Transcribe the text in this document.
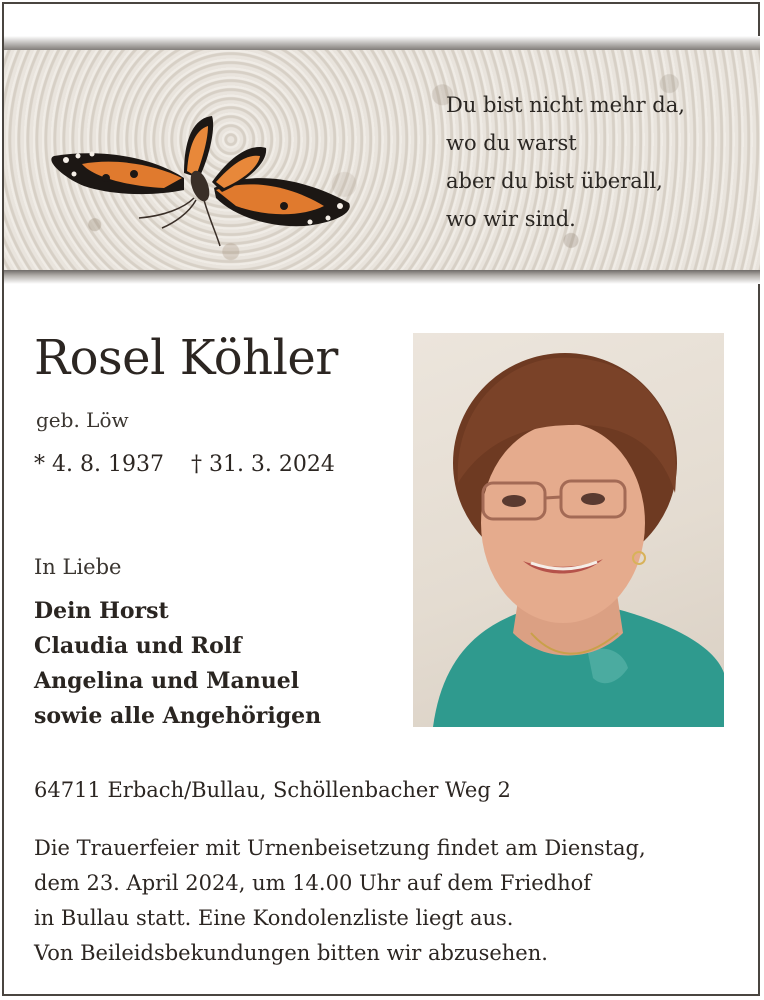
Du bist nicht mehr da,
wo du warst
aber du bist überall,
wo wir sind.
Rosel Köhler
geb. Löw
* 4. 8. 1937 † 31. 3. 2024
In Liebe
Dein Horst
Claudia und Rolf
Angelina und Manuel
sowie alle Angehörigen
64711 Erbach/Bullau, Schöllenbacher Weg 2
Die Trauerfeier mit Urnenbeisetzung findet am Dienstag,
dem 23. April 2024, um 14.00 Uhr auf dem Friedhof
in Bullau statt. Eine Kondolenzliste liegt aus.
Von Beileidsbekundungen bitten wir abzusehen.
